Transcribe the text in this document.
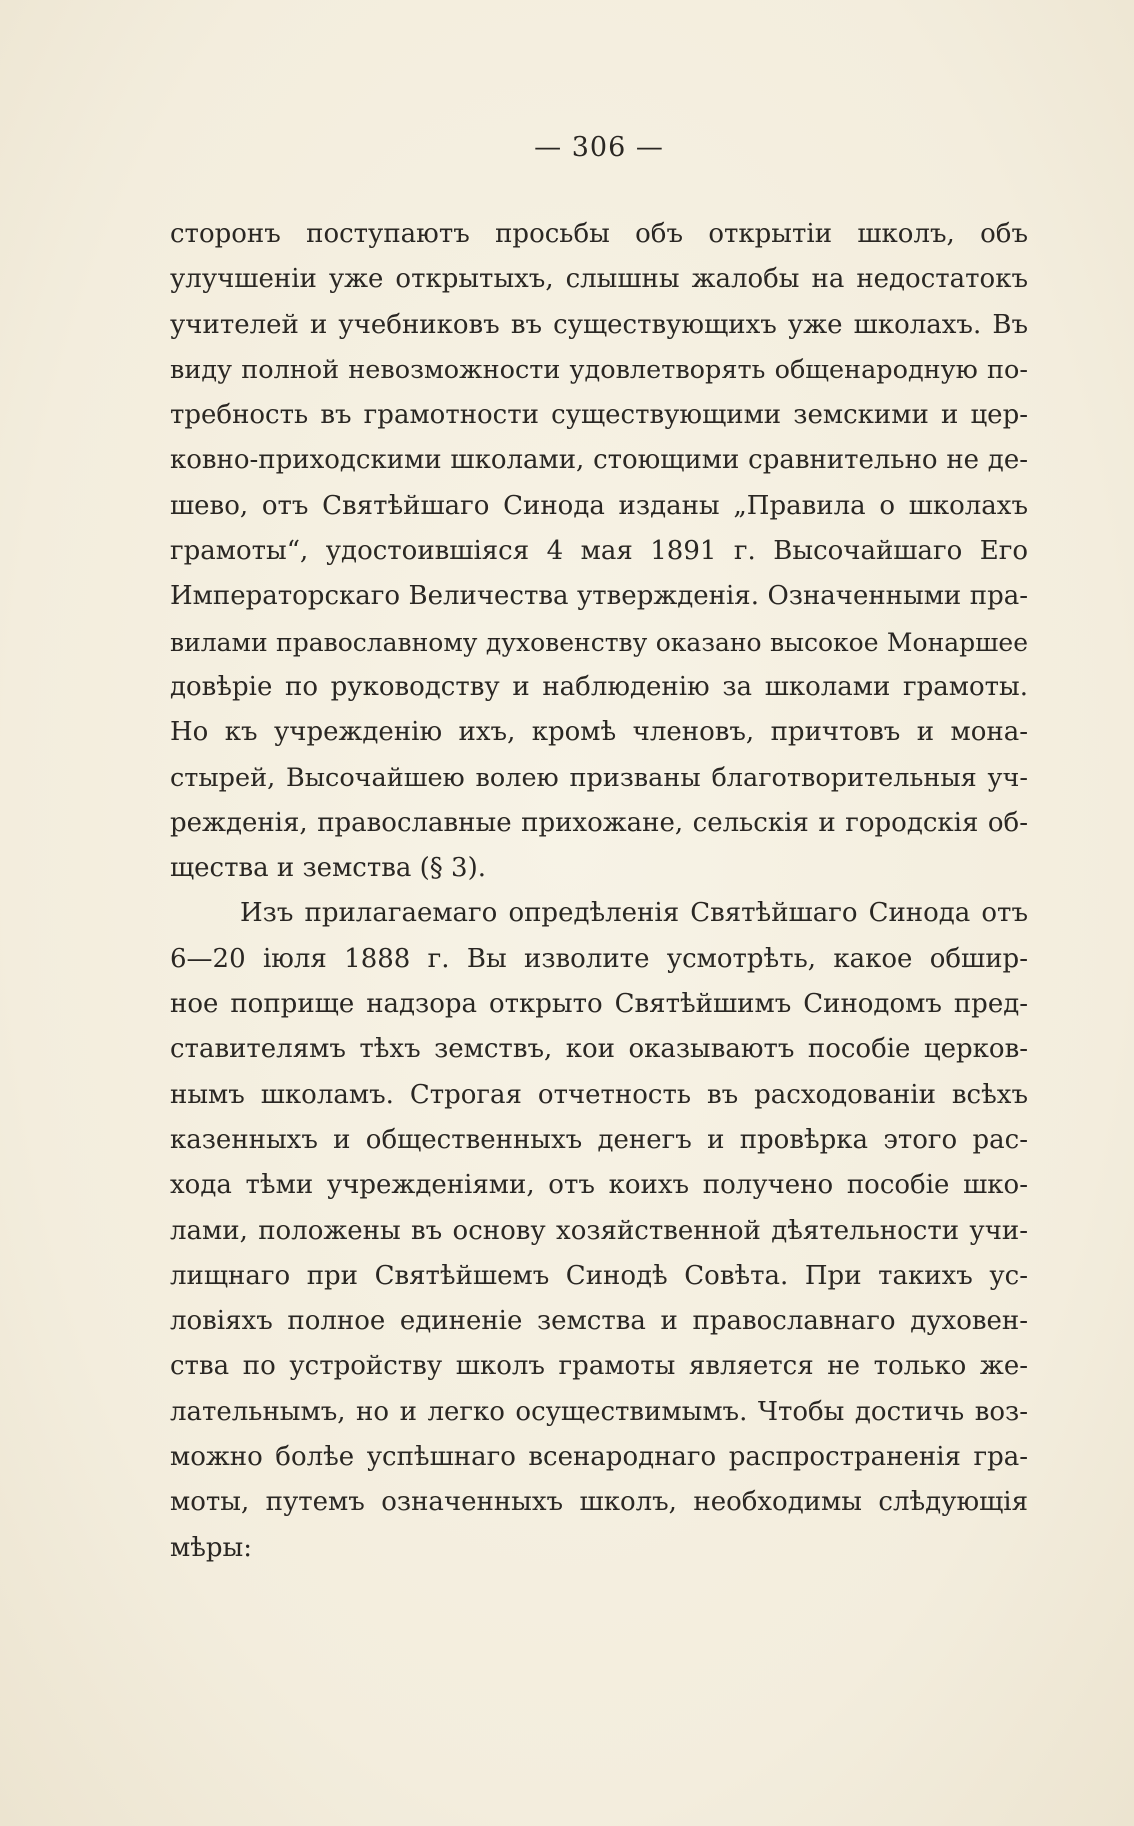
— 306 —
сторонъ поступаютъ просьбы объ открытіи школъ, объ
улучшеніи уже открытыхъ, слышны жалобы на недостатокъ
учителей и учебниковъ въ существующихъ уже школахъ. Въ
виду полной невозможности удовлетворять общенародную по-
требность въ грамотности существующими земскими и цер-
ковно-приходскими школами, стоющими сравнительно не де-
шево, отъ Святѣйшаго Синода изданы „Правила о школахъ
грамоты“, удостоившіяся 4 мая 1891 г. Высочайшаго Его
Императорскаго Величества утвержденія. Означенными пра-
вилами православному духовенству оказано высокое Монаршее
довѣріе по руководству и наблюденію за школами грамоты.
Но къ учрежденію ихъ, кромѣ членовъ, причтовъ и мона-
стырей, Высочайшею волею призваны благотворительныя уч-
режденія, православные прихожане, сельскія и городскія об-
щества и земства (§ 3).
Изъ прилагаемаго опредѣленія Святѣйшаго Синода отъ
6—20 іюля 1888 г. Вы изволите усмотрѣть, какое обшир-
ное поприще надзора открыто Святѣйшимъ Синодомъ пред-
ставителямъ тѣхъ земствъ, кои оказываютъ пособіе церков-
нымъ школамъ. Строгая отчетность въ расходованіи всѣхъ
казенныхъ и общественныхъ денегъ и провѣрка этого рас-
хода тѣми учрежденіями, отъ коихъ получено пособіе шко-
лами, положены въ основу хозяйственной дѣятельности учи-
лищнаго при Святѣйшемъ Синодѣ Совѣта. При такихъ ус-
ловіяхъ полное единеніе земства и православнаго духовен-
ства по устройству школъ грамоты является не только же-
лательнымъ, но и легко осуществимымъ. Чтобы достичь воз-
можно болѣе успѣшнаго всенароднаго распространенія гра-
моты, путемъ означенныхъ школъ, необходимы слѣдующія
мѣры:
